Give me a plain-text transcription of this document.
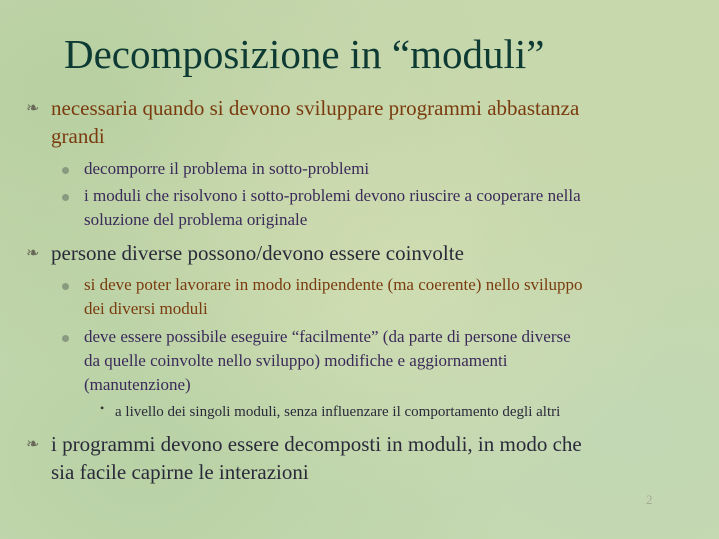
Decomposizione in “moduli”
❧ necessaria quando si devono sviluppare programmi abbastanza
grandi
decomporre il problema in sotto-problemi
i moduli che risolvono i sotto-problemi devono riuscire a cooperare nella
soluzione del problema originale
❧ persone diverse possono/devono essere coinvolte
si deve poter lavorare in modo indipendente (ma coerente) nello sviluppo
dei diversi moduli
deve essere possibile eseguire “facilmente” (da parte di persone diverse
da quelle coinvolte nello sviluppo) modifiche e aggiornamenti
(manutenzione)
• a livello dei singoli moduli, senza influenzare il comportamento degli altri
❧ i programmi devono essere decomposti in moduli, in modo che
sia facile capirne le interazioni
2
